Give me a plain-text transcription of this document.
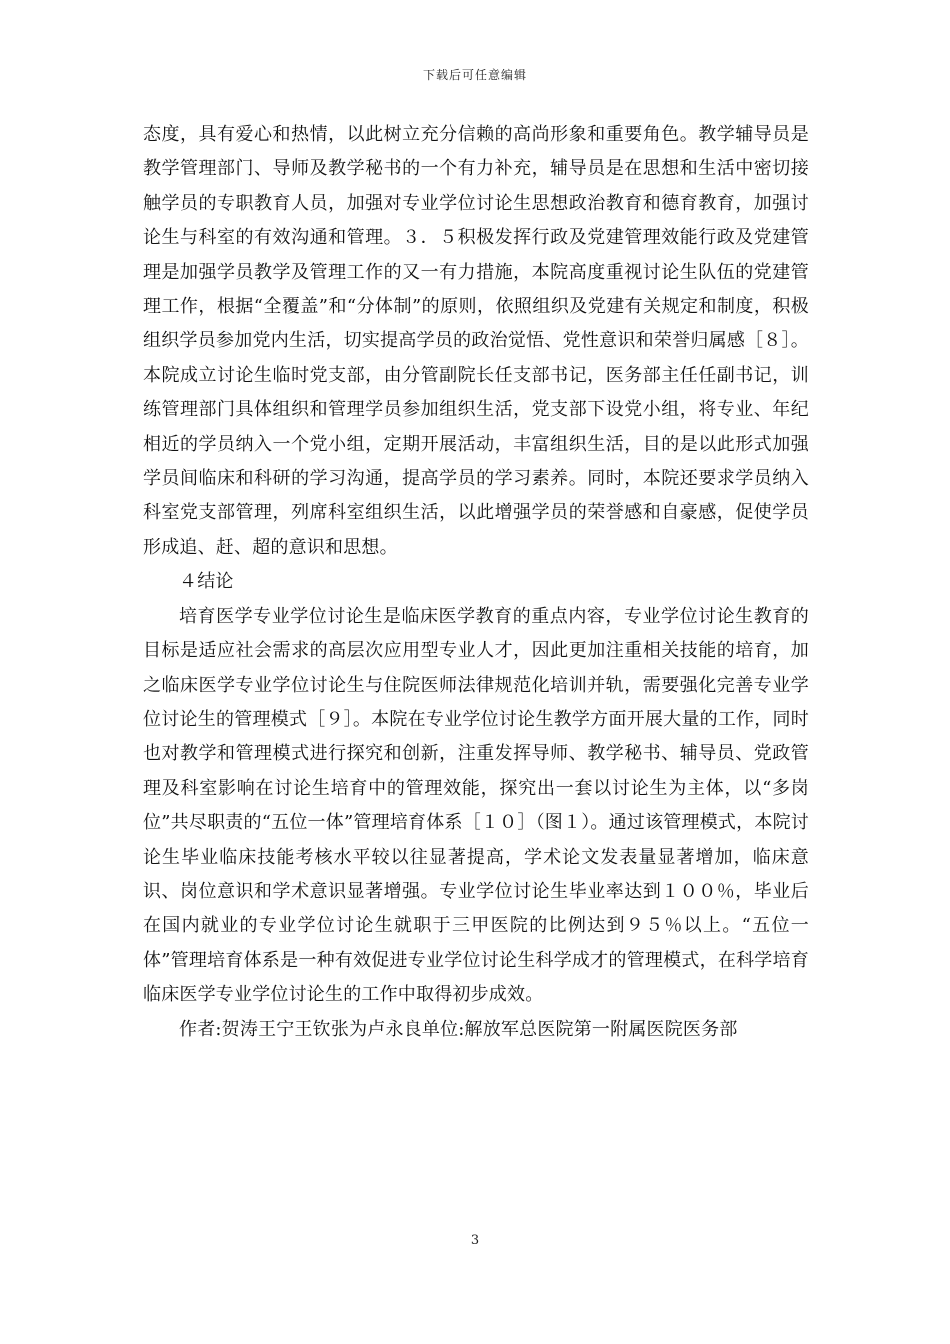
下载后可任意编辑

态度，具有爱心和热情，以此树立充分信赖的高尚形象和重要角色。教学辅导员是教学管理部门、导师及教学秘书的一个有力补充，辅导员是在思想和生活中密切接触学员的专职教育人员，加强对专业学位讨论生思想政治教育和德育教育，加强讨论生与科室的有效沟通和管理。３．５积极发挥行政及党建管理效能行政及党建管理是加强学员教学及管理工作的又一有力措施，本院高度重视讨论生队伍的党建管理工作，根据“全覆盖”和“分体制”的原则，依照组织及党建有关规定和制度，积极组织学员参加党内生活，切实提高学员的政治觉悟、党性意识和荣誉归属感［８］。本院成立讨论生临时党支部，由分管副院长任支部书记，医务部主任任副书记，训练管理部门具体组织和管理学员参加组织生活，党支部下设党小组，将专业、年纪相近的学员纳入一个党小组，定期开展活动，丰富组织生活，目的是以此形式加强学员间临床和科研的学习沟通，提高学员的学习素养。同时，本院还要求学员纳入科室党支部管理，列席科室组织生活，以此增强学员的荣誉感和自豪感，促使学员形成追、赶、超的意识和思想。

４结论

培育医学专业学位讨论生是临床医学教育的重点内容，专业学位讨论生教育的目标是适应社会需求的高层次应用型专业人才，因此更加注重相关技能的培育，加之临床医学专业学位讨论生与住院医师法律规范化培训并轨，需要强化完善专业学位讨论生的管理模式［９］。本院在专业学位讨论生教学方面开展大量的工作，同时也对教学和管理模式进行探究和创新，注重发挥导师、教学秘书、辅导员、党政管理及科室影响在讨论生培育中的管理效能，探究出一套以讨论生为主体，以“多岗位”共尽职责的“五位一体”管理培育体系［１０］（图１）。通过该管理模式，本院讨论生毕业临床技能考核水平较以往显著提高，学术论文发表量显著增加，临床意识、岗位意识和学术意识显著增强。专业学位讨论生毕业率达到１００％，毕业后在国内就业的专业学位讨论生就职于三甲医院的比例达到９５％以上。“五位一体”管理培育体系是一种有效促进专业学位讨论生科学成才的管理模式，在科学培育临床医学专业学位讨论生的工作中取得初步成效。

作者:贺涛王宁王钦张为卢永良单位:解放军总医院第一附属医院医务部

3
